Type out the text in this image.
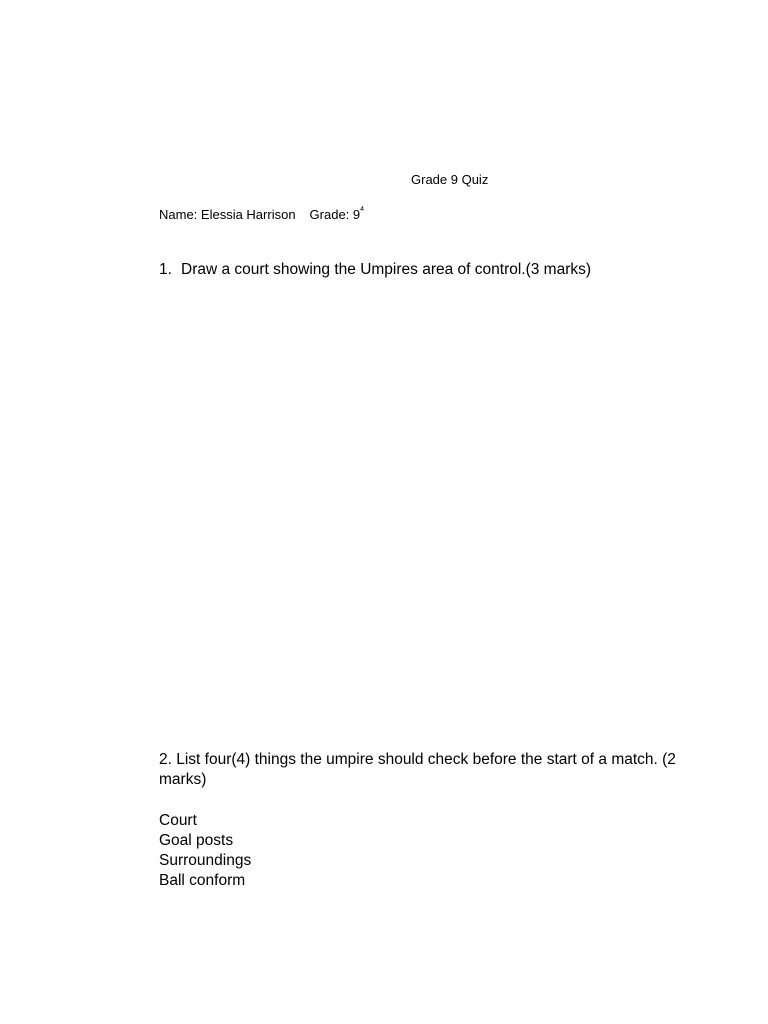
Grade 9 Quiz
Name: Elessia Harrison Grade: $9^4$
1. Draw a court showing the Umpires area of control.(3 marks)
2. List four(4) things the umpire should check before the start of a match. (2 marks)
Court
Goal posts
Surroundings
Ball conform
